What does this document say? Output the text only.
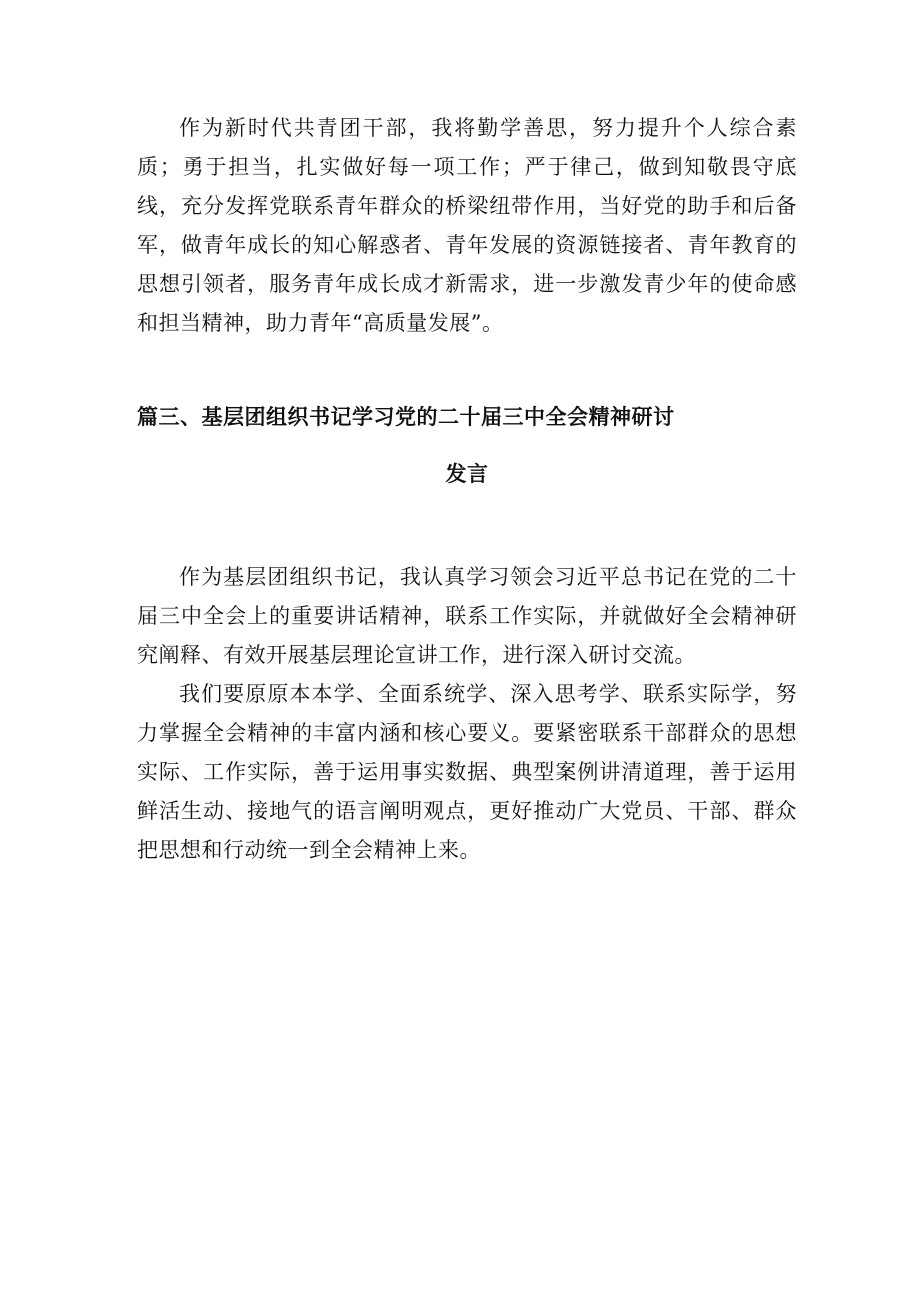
作为新时代共青团干部，我将勤学善思，努力提升个人综合素质；勇于担当，扎实做好每一项工作；严于律己，做到知敬畏守底线，充分发挥党联系青年群众的桥梁纽带作用，当好党的助手和后备军，做青年成长的知心解惑者、青年发展的资源链接者、青年教育的思想引领者，服务青年成长成才新需求，进一步激发青少年的使命感和担当精神，助力青年“高质量发展”。

篇三、基层团组织书记学习党的二十届三中全会精神研讨
发言

作为基层团组织书记，我认真学习领会习近平总书记在党的二十届三中全会上的重要讲话精神，联系工作实际，并就做好全会精神研究阐释、有效开展基层理论宣讲工作，进行深入研讨交流。

我们要原原本本学、全面系统学、深入思考学、联系实际学，努力掌握全会精神的丰富内涵和核心要义。要紧密联系干部群众的思想实际、工作实际，善于运用事实数据、典型案例讲清道理，善于运用鲜活生动、接地气的语言阐明观点，更好推动广大党员、干部、群众把思想和行动统一到全会精神上来。
